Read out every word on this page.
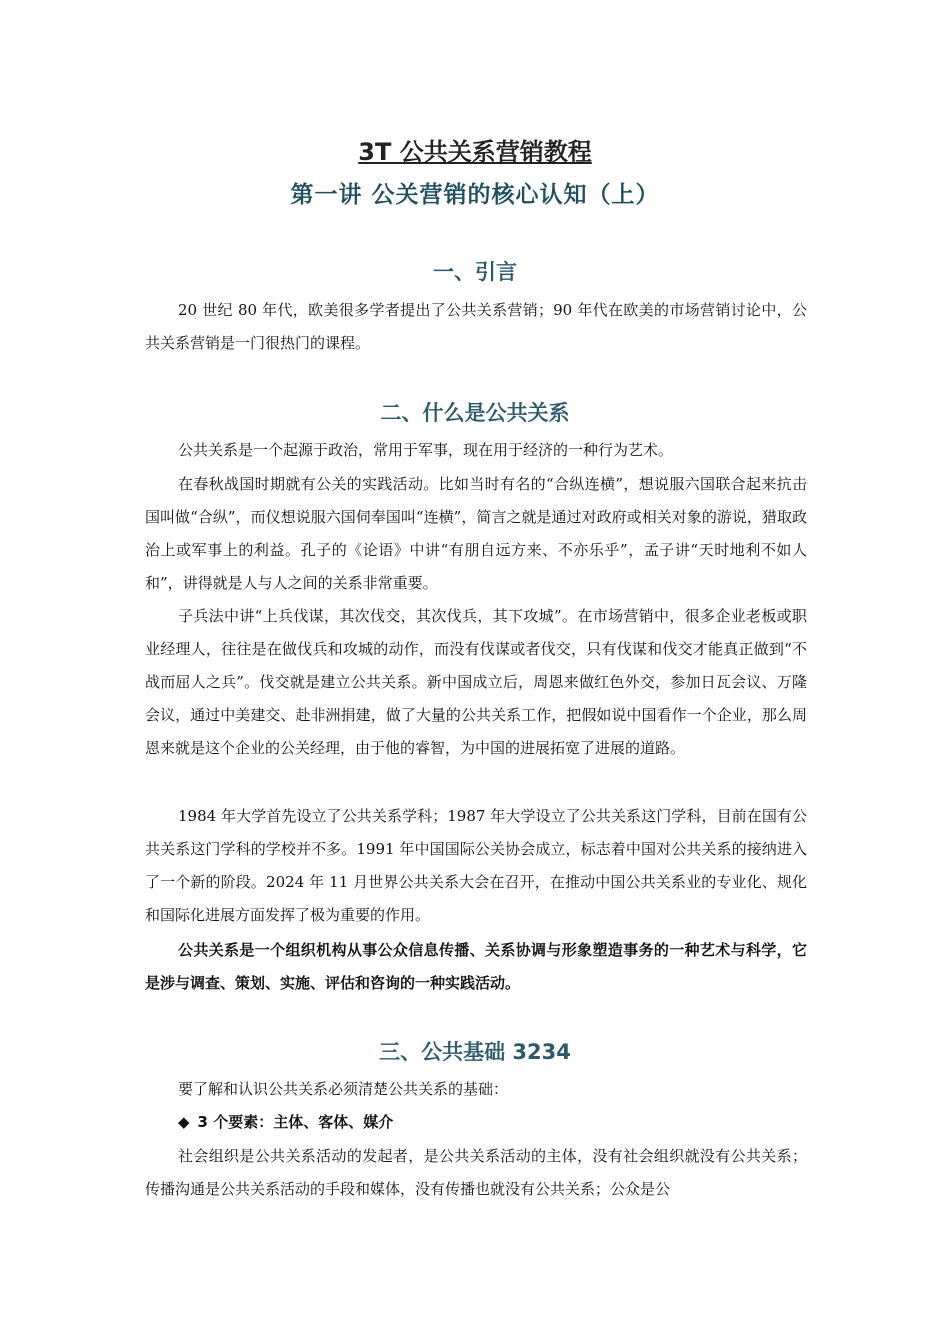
3T 公共关系营销教程
第一讲 公关营销的核心认知（上）
一、引言

20 世纪 80 年代，欧美很多学者提出了公共关系营销；90 年代在欧美的市场营销讨论中，公共关系营销是一门很热门的课程。

二、什么是公共关系

公共关系是一个起源于政治，常用于军事，现在用于经济的一种行为艺术。

在春秋战国时期就有公关的实践活动。比如当时有名的“合纵连横”，想说服六国联合起来抗击国叫做“合纵”，而仪想说服六国伺奉国叫“连横”，简言之就是通过对政府或相关对象的游说，猎取政治上或军事上的利益。孔子的《论语》中讲“有朋自远方来、不亦乐乎”，孟子讲“天时地利不如人和”，讲得就是人与人之间的关系非常重要。

子兵法中讲“上兵伐谋，其次伐交，其次伐兵，其下攻城”。在市场营销中，很多企业老板或职业经理人，往往是在做伐兵和攻城的动作，而没有伐谋或者伐交，只有伐谋和伐交才能真正做到“不战而屈人之兵”。伐交就是建立公共关系。新中国成立后，周恩来做红色外交，参加日瓦会议、万隆会议，通过中美建交、赴非洲捐建，做了大量的公共关系工作，把假如说中国看作一个企业，那么周恩来就是这个企业的公关经理，由于他的睿智，为中国的进展拓宽了进展的道路。

1984 年大学首先设立了公共关系学科；1987 年大学设立了公共关系这门学科，目前在国有公共关系这门学科的学校并不多。1991 年中国国际公关协会成立，标志着中国对公共关系的接纳进入了一个新的阶段。2024 年 11 月世界公共关系大会在召开，在推动中国公共关系业的专业化、规化和国际化进展方面发挥了极为重要的作用。

公共关系是一个组织机构从事公众信息传播、关系协调与形象塑造事务的一种艺术与科学，它是涉与调查、策划、实施、评估和咨询的一种实践活动。

三、公共基础 3234

要了解和认识公共关系必须清楚公共关系的基础：

◆ 3 个要素：主体、客体、媒介

社会组织是公共关系活动的发起者，是公共关系活动的主体，没有社会组织就没有公共关系；传播沟通是公共关系活动的手段和媒体，没有传播也就没有公共关系；公众是公
